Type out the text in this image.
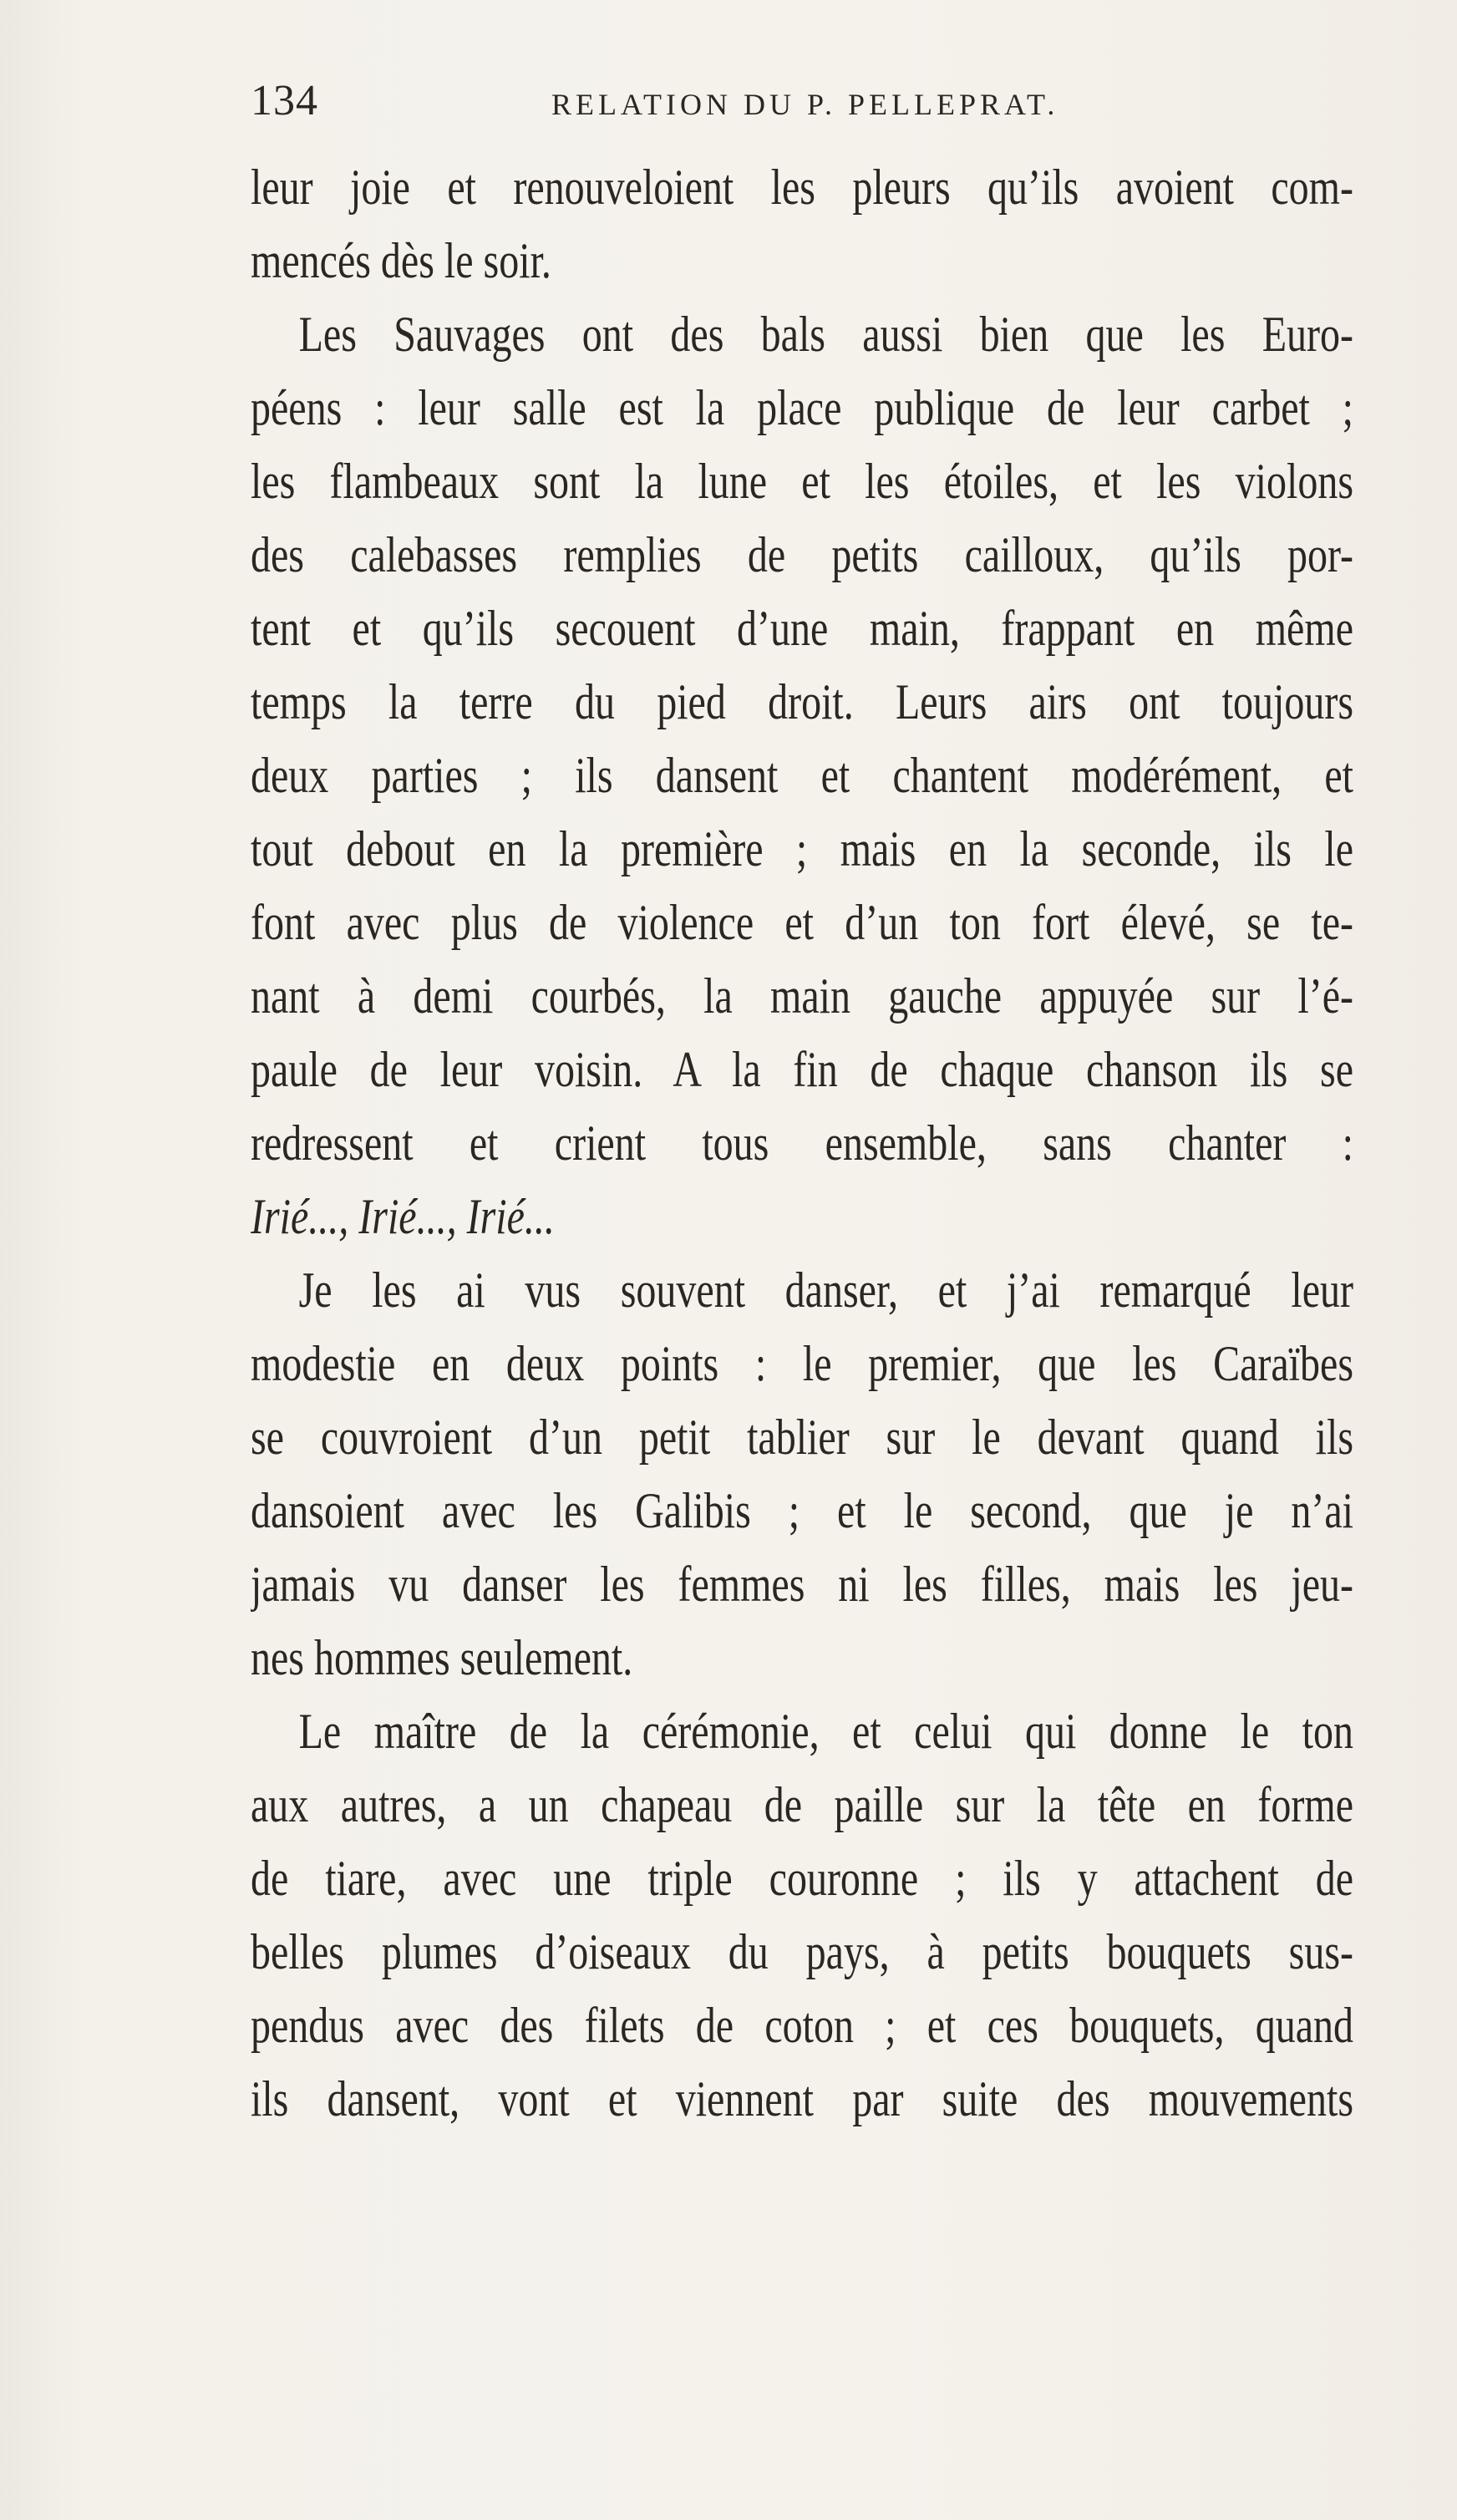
134	RELATION DU P. PELLEPRAT.
leur joie et renouveloient les pleurs qu’ils avoient com-
mencés dès le soir.
Les Sauvages ont des bals aussi bien que les Euro-
péens : leur salle est la place publique de leur carbet ;
les flambeaux sont la lune et les étoiles, et les violons
des calebasses remplies de petits cailloux, qu’ils por-
tent et qu’ils secouent d’une main, frappant en même
temps la terre du pied droit. Leurs airs ont toujours
deux parties ; ils dansent et chantent modérément, et
tout debout en la première ; mais en la seconde, ils le
font avec plus de violence et d’un ton fort élevé, se te-
nant à demi courbés, la main gauche appuyée sur l’é-
paule de leur voisin. A la fin de chaque chanson ils se
redressent et crient tous ensemble, sans chanter :
Irié..., Irié..., Irié...
Je les ai vus souvent danser, et j’ai remarqué leur
modestie en deux points : le premier, que les Caraïbes
se couvroient d’un petit tablier sur le devant quand ils
dansoient avec les Galibis ; et le second, que je n’ai
jamais vu danser les femmes ni les filles, mais les jeu-
nes hommes seulement.
Le maître de la cérémonie, et celui qui donne le ton
aux autres, a un chapeau de paille sur la tête en forme
de tiare, avec une triple couronne ; ils y attachent de
belles plumes d’oiseaux du pays, à petits bouquets sus-
pendus avec des filets de coton ; et ces bouquets, quand
ils dansent, vont et viennent par suite des mouvements
